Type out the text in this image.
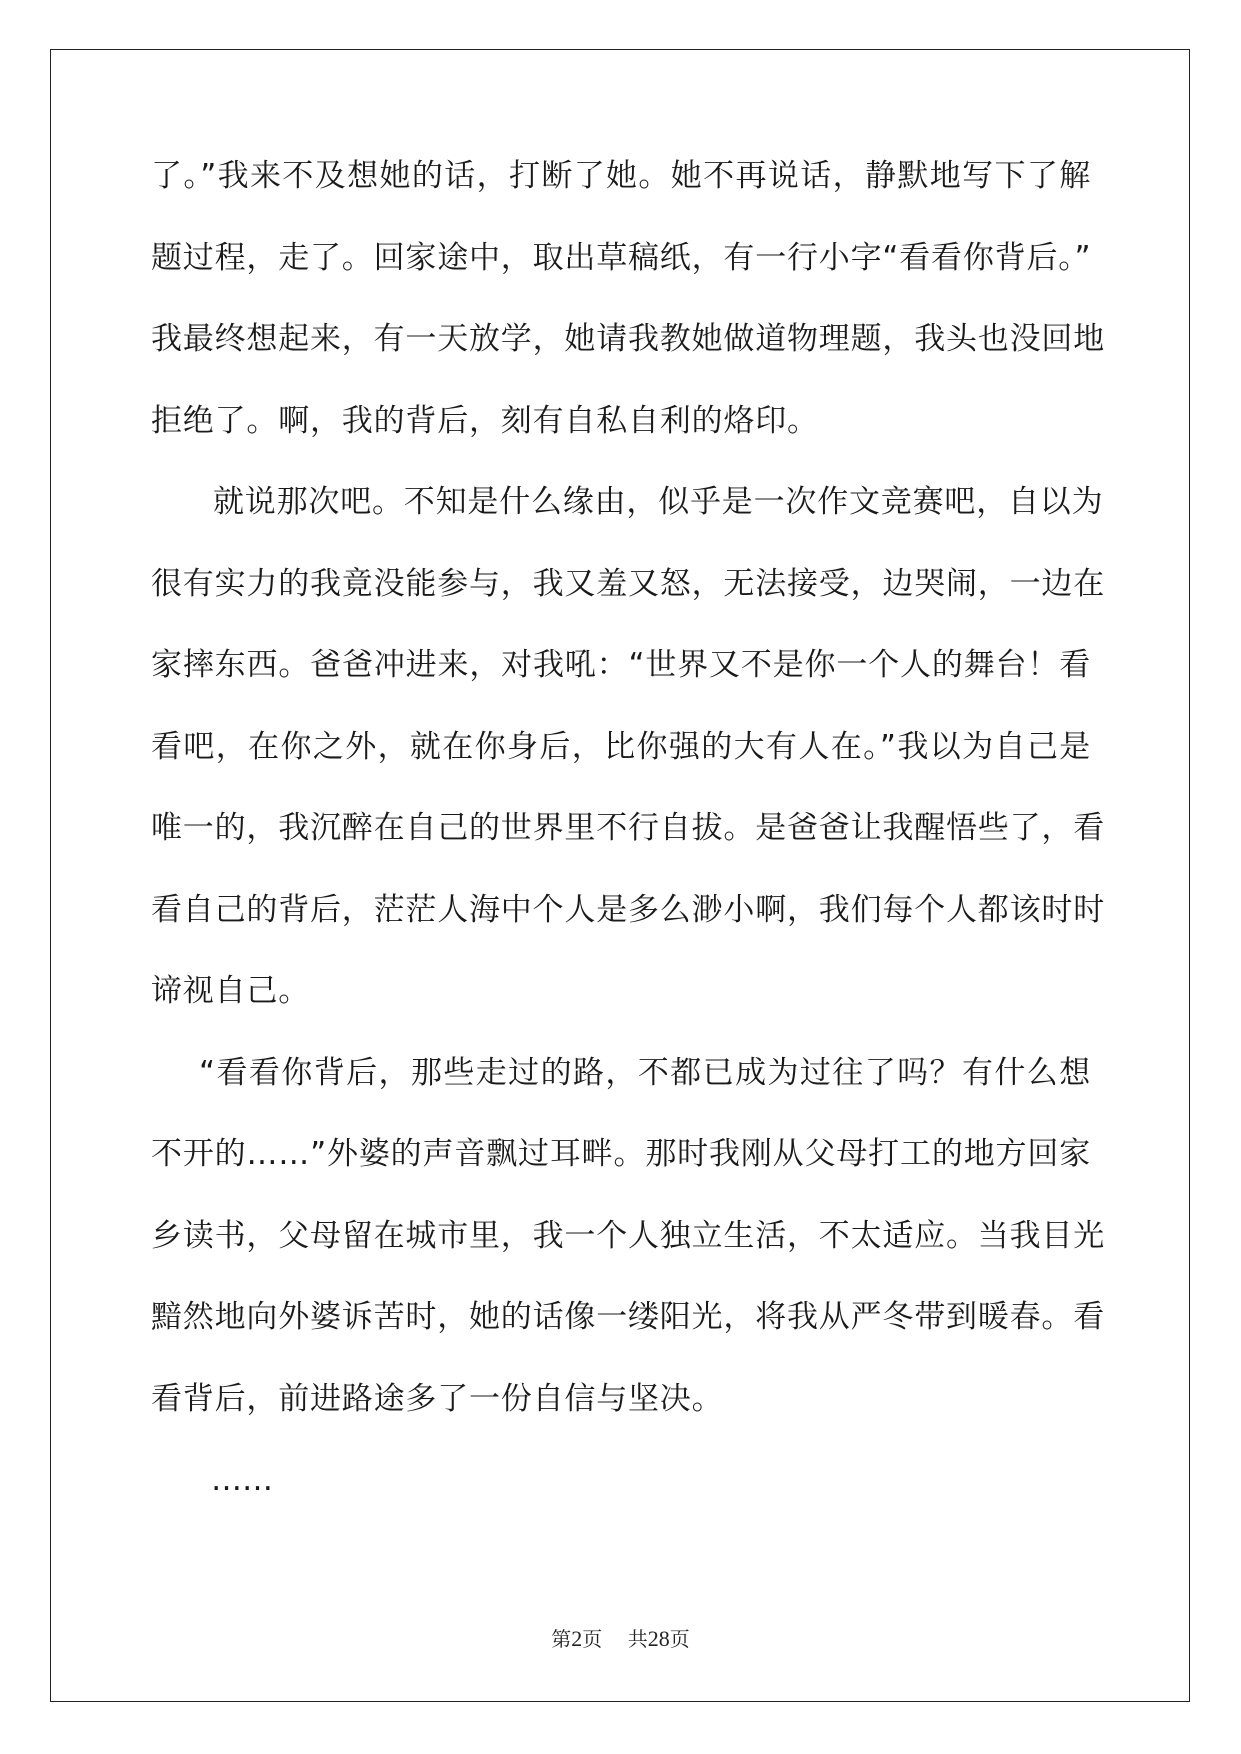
了。”我来不及想她的话，打断了她。她不再说话，静默地写下了解
题过程，走了。回家途中，取出草稿纸，有一行小字“看看你背后。”
我最终想起来，有一天放学，她请我教她做道物理题，我头也没回地
拒绝了。啊，我的背后，刻有自私自利的烙印。
就说那次吧。不知是什么缘由，似乎是一次作文竞赛吧，自以为
很有实力的我竟没能参与，我又羞又怒，无法接受，边哭闹，一边在
家摔东西。爸爸冲进来，对我吼：“世界又不是你一个人的舞台！看
看吧，在你之外，就在你身后，比你强的大有人在。”我以为自己是
唯一的，我沉醉在自己的世界里不行自拔。是爸爸让我醒悟些了，看
看自己的背后，茫茫人海中个人是多么渺小啊，我们每个人都该时时
谛视自己。
“看看你背后，那些走过的路，不都已成为过往了吗？有什么想
不开的……”外婆的声音飘过耳畔。那时我刚从父母打工的地方回家
乡读书，父母留在城市里，我一个人独立生活，不太适应。当我目光
黯然地向外婆诉苦时，她的话像一缕阳光，将我从严冬带到暖春。看
看背后，前进路途多了一份自信与坚决。
……
第2页 共28页
